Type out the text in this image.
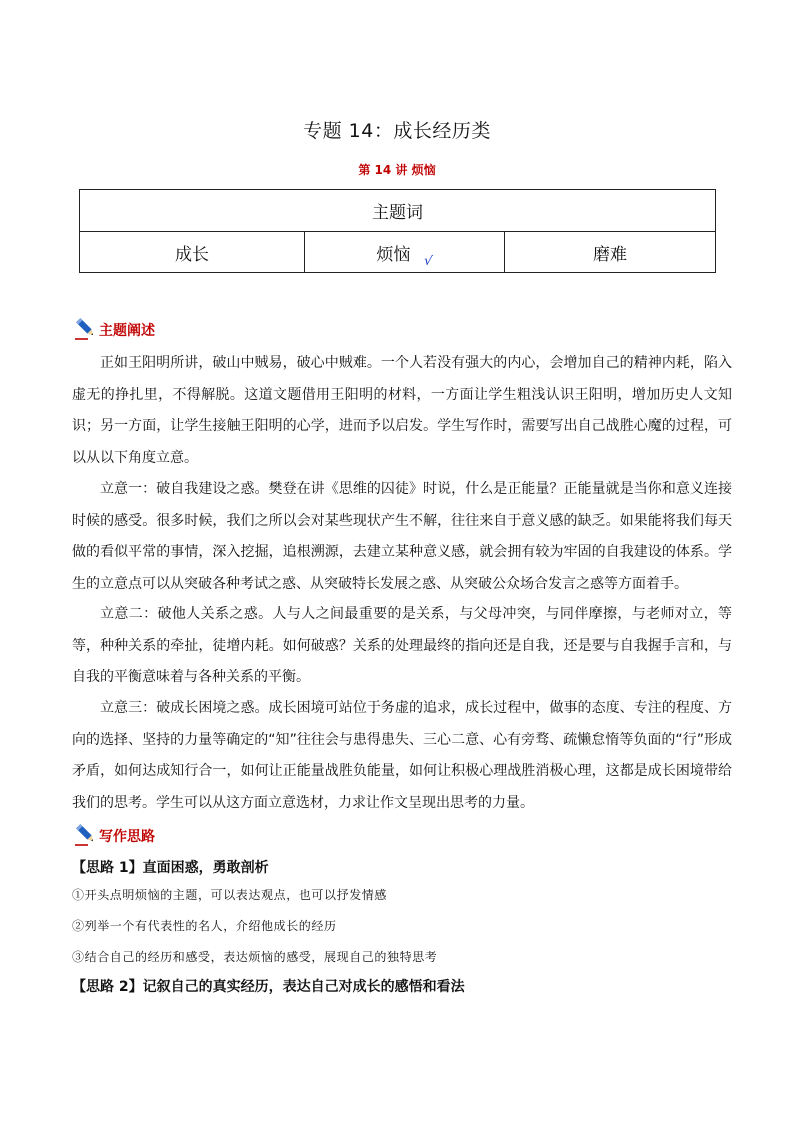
专题 14：成长经历类
第 14 讲 烦恼
主题词
成长	烦恼 √	磨难
主题阐述

正如王阳明所讲，破山中贼易，破心中贼难。一个人若没有强大的内心，会增加自己的精神内耗，陷入虚无的挣扎里，不得解脱。这道文题借用王阳明的材料，一方面让学生粗浅认识王阳明，增加历史人文知识；另一方面，让学生接触王阳明的心学，进而予以启发。学生写作时，需要写出自己战胜心魔的过程，可以从以下角度立意。

立意一：破自我建设之惑。樊登在讲《思维的囚徒》时说，什么是正能量？正能量就是当你和意义连接时候的感受。很多时候，我们之所以会对某些现状产生不解，往往来自于意义感的缺乏。如果能将我们每天做的看似平常的事情，深入挖掘，追根溯源，去建立某种意义感，就会拥有较为牢固的自我建设的体系。学生的立意点可以从突破各种考试之惑、从突破特长发展之惑、从突破公众场合发言之惑等方面着手。

立意二：破他人关系之惑。人与人之间最重要的是关系，与父母冲突，与同伴摩擦，与老师对立，等等，种种关系的牵扯，徒增内耗。如何破惑？关系的处理最终的指向还是自我，还是要与自我握手言和，与自我的平衡意味着与各种关系的平衡。

立意三：破成长困境之惑。成长困境可站位于务虚的追求，成长过程中，做事的态度、专注的程度、方向的选择、坚持的力量等确定的“知”往往会与患得患失、三心二意、心有旁骛、疏懒怠惰等负面的“行”形成矛盾，如何达成知行合一，如何让正能量战胜负能量，如何让积极心理战胜消极心理，这都是成长困境带给我们的思考。学生可以从这方面立意选材，力求让作文呈现出思考的力量。

写作思路

【思路 1】直面困惑，勇敢剖析

①开头点明烦恼的主题，可以表达观点，也可以抒发情感

②列举一个有代表性的名人，介绍他成长的经历

③结合自己的经历和感受，表达烦恼的感受，展现自己的独特思考

【思路 2】记叙自己的真实经历，表达自己对成长的感悟和看法
